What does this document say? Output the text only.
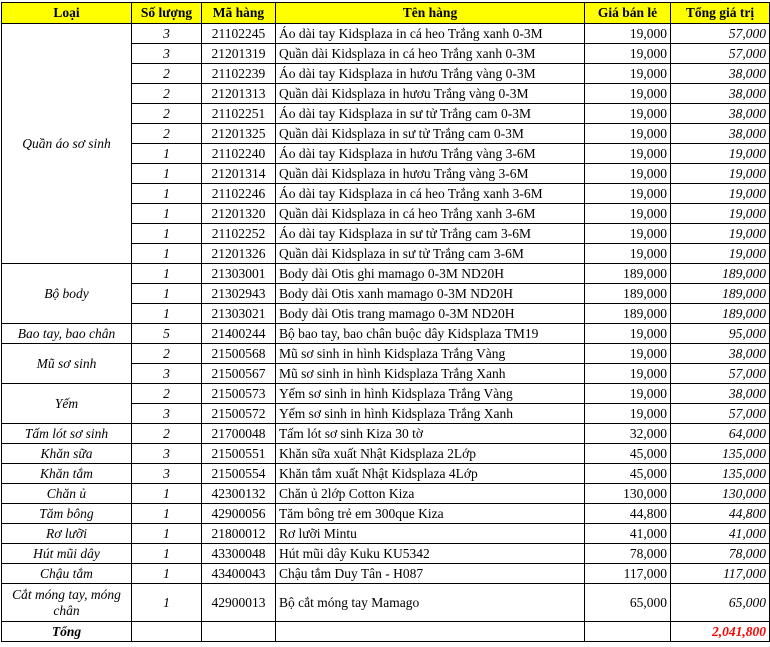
Loại	Số lượng	Mã hàng	Tên hàng	Giá bán lẻ	Tổng giá trị
Quần áo sơ sinh	3	21102245	Áo dài tay Kidsplaza in cá heo Trắng xanh 0-3M	19,000	57,000
	3	21201319	Quần dài Kidsplaza in cá heo Trắng xanh 0-3M	19,000	57,000
	2	21102239	Áo dài tay Kidsplaza in hươu Trắng vàng 0-3M	19,000	38,000
	2	21201313	Quần dài Kidsplaza in hươu Trắng vàng 0-3M	19,000	38,000
	2	21102251	Áo dài tay Kidsplaza in sư tử Trắng cam 0-3M	19,000	38,000
	2	21201325	Quần dài Kidsplaza in sư tử Trắng cam 0-3M	19,000	38,000
	1	21102240	Áo dài tay Kidsplaza in hươu Trắng vàng 3-6M	19,000	19,000
	1	21201314	Quần dài Kidsplaza in hươu Trắng vàng 3-6M	19,000	19,000
	1	21102246	Áo dài tay Kidsplaza in cá heo Trắng xanh 3-6M	19,000	19,000
	1	21201320	Quần dài Kidsplaza in cá heo Trắng xanh 3-6M	19,000	19,000
	1	21102252	Áo dài tay Kidsplaza in sư tử Trắng cam 3-6M	19,000	19,000
	1	21201326	Quần dài Kidsplaza in sư tử Trắng cam 3-6M	19,000	19,000
Bộ body	1	21303001	Body dài Otis ghi mamago 0-3M ND20H	189,000	189,000
	1	21302943	Body dài Otis xanh mamago 0-3M ND20H	189,000	189,000
	1	21303021	Body dài Otis trang mamago 0-3M ND20H	189,000	189,000
Bao tay, bao chân	5	21400244	Bộ bao tay, bao chân buộc dây Kidsplaza TM19	19,000	95,000
Mũ sơ sinh	2	21500568	Mũ sơ sinh in hình Kidsplaza Trắng Vàng	19,000	38,000
	3	21500567	Mũ sơ sinh in hình Kidsplaza Trắng Xanh	19,000	57,000
Yếm	2	21500573	Yếm sơ sinh in hình Kidsplaza Trắng Vàng	19,000	38,000
	3	21500572	Yếm sơ sinh in hình Kidsplaza Trắng Xanh	19,000	57,000
Tấm lót sơ sinh	2	21700048	Tấm lót sơ sinh Kiza 30 tờ	32,000	64,000
Khăn sữa	3	21500551	Khăn sữa xuất Nhật Kidsplaza 2Lớp	45,000	135,000
Khăn tắm	3	21500554	Khăn tắm xuất Nhật Kidsplaza 4Lớp	45,000	135,000
Chăn ủ	1	42300132	Chăn ủ 2lớp Cotton Kiza	130,000	130,000
Tăm bông	1	42900056	Tăm bông trẻ em 300que Kiza	44,800	44,800
Rơ lưỡi	1	21800012	Rơ lưỡi Mintu	41,000	41,000
Hút mũi dây	1	43300048	Hút mũi dây Kuku KU5342	78,000	78,000
Chậu tắm	1	43400043	Chậu tắm Duy Tân - H087	117,000	117,000
Cắt móng tay, móng chân	1	42900013	Bộ cắt móng tay Mamago	65,000	65,000
Tổng					2,041,800
